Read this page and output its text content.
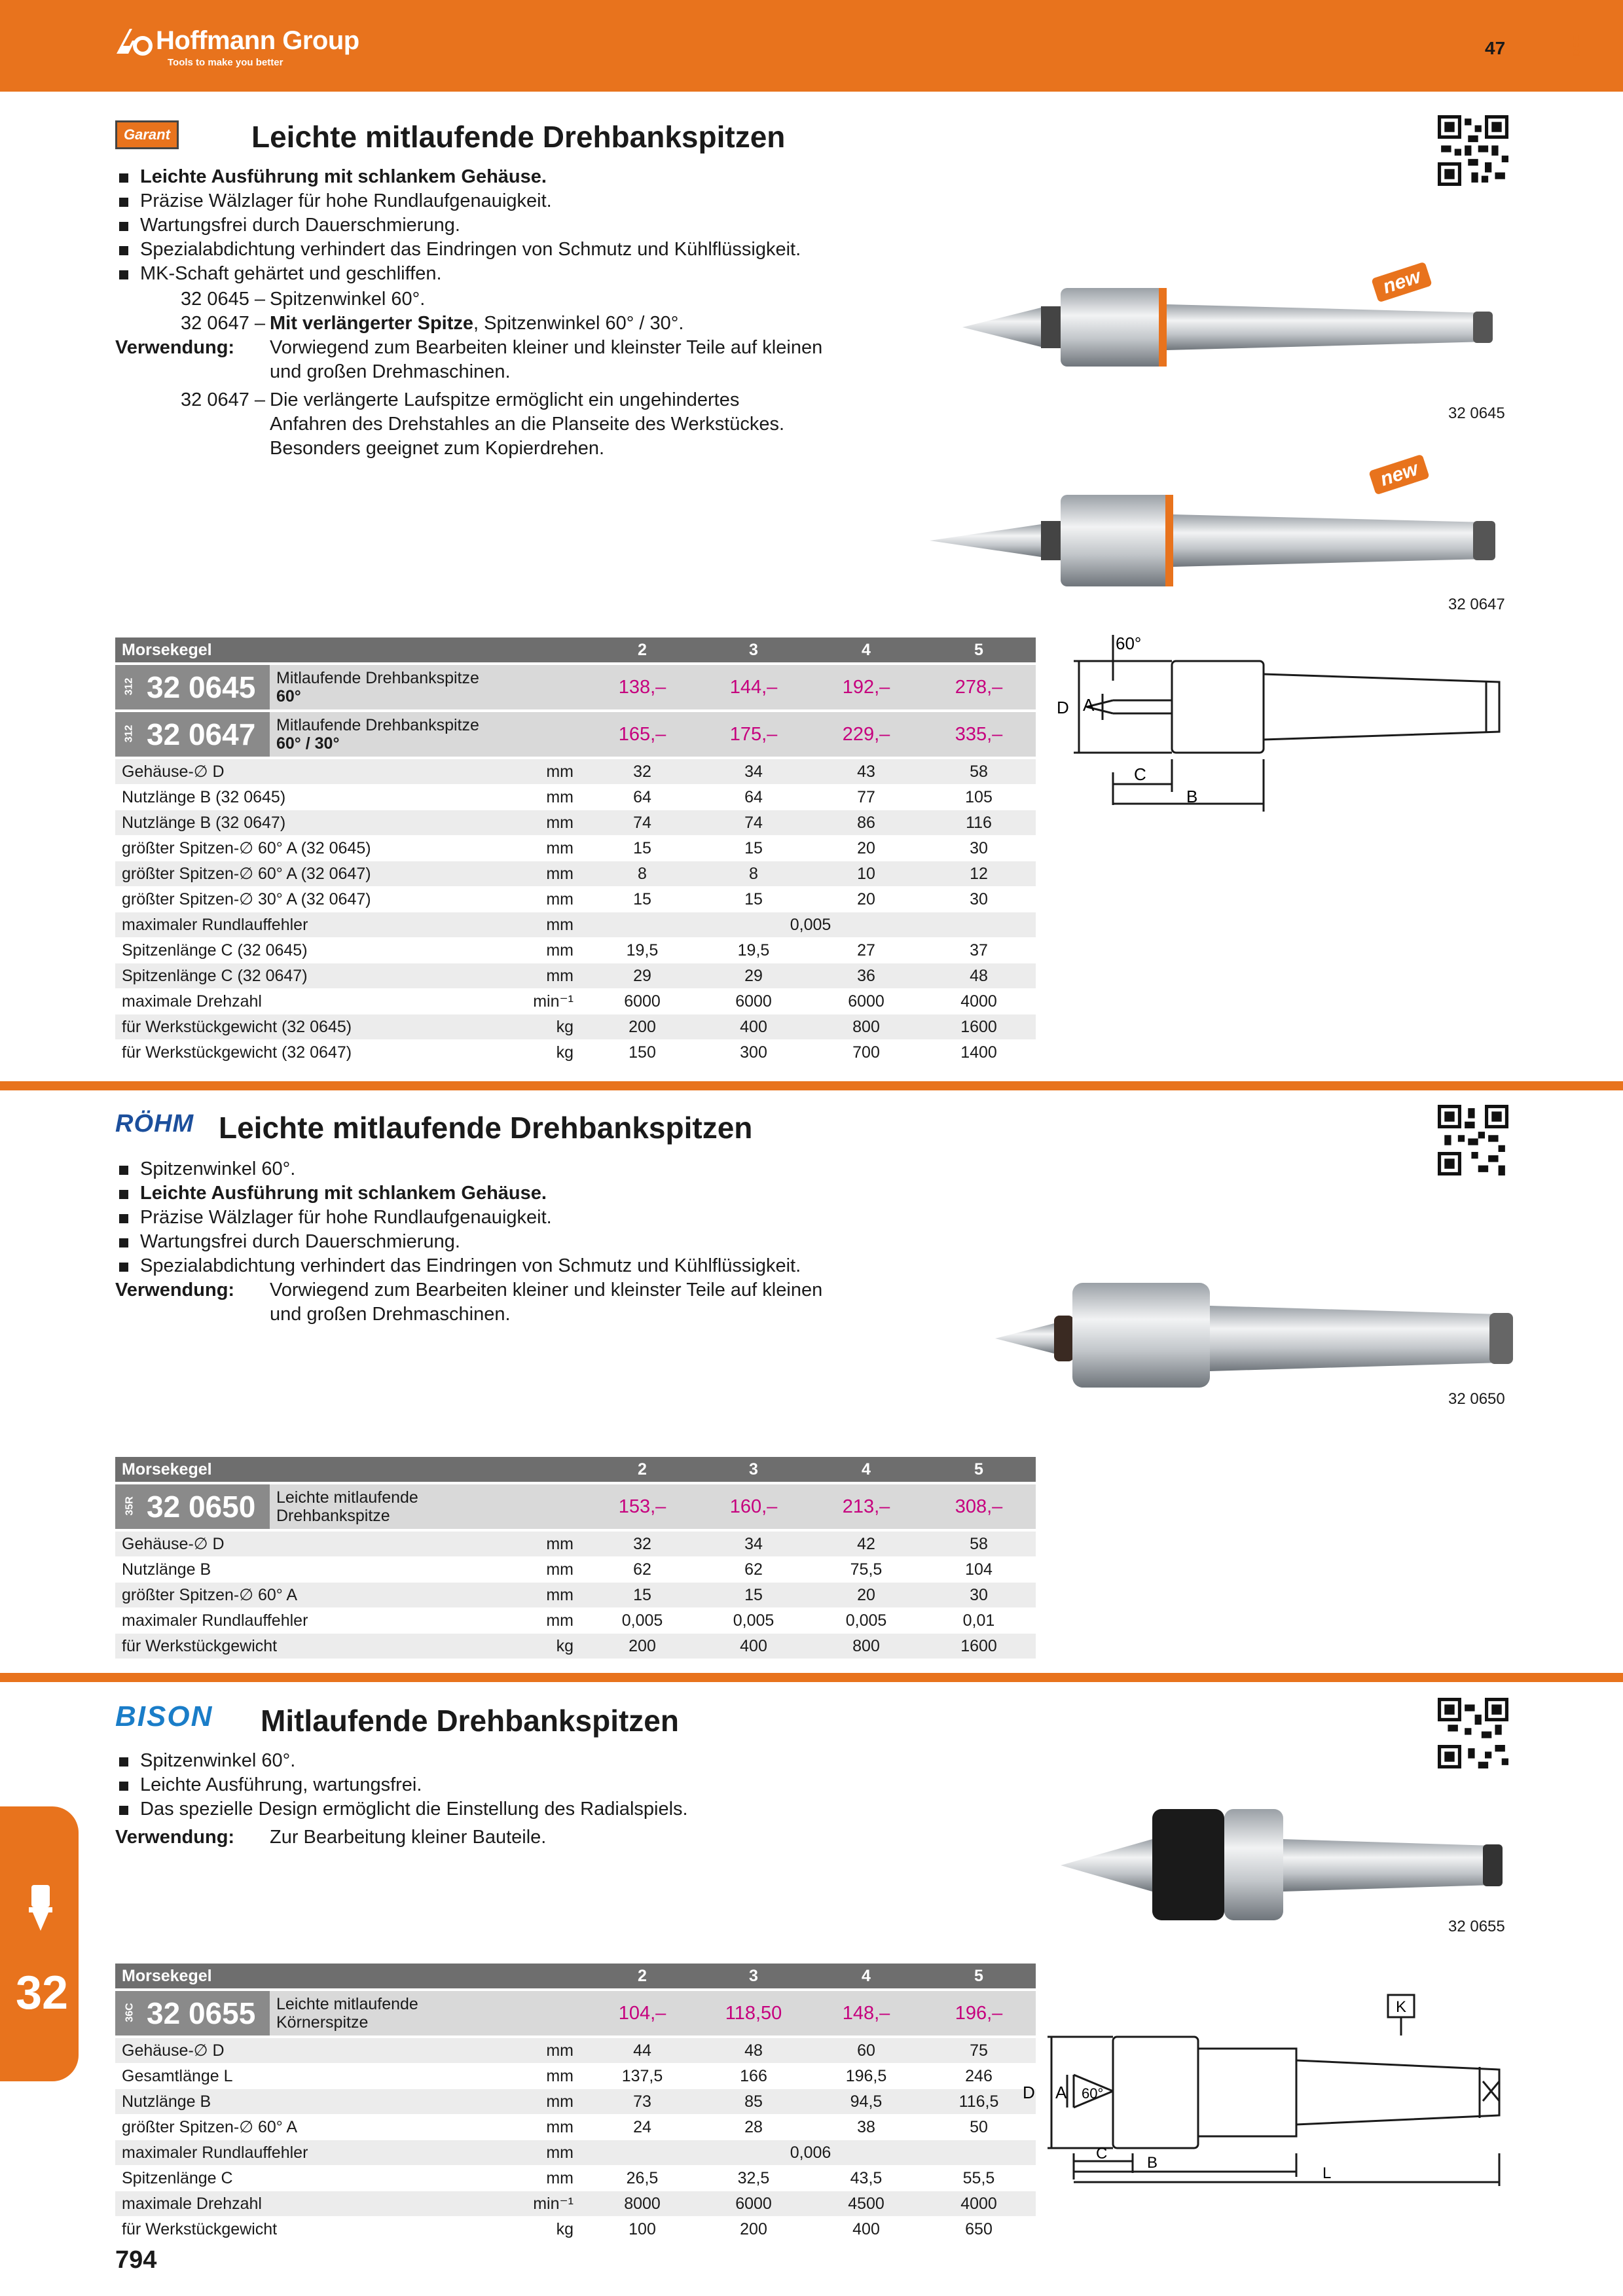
Hoffmann Group
Tools to make you better
47	DEE
Garant	Leichte mitlaufende Drehbankspitzen
Leichte Ausführung mit schlankem Gehäuse.
Präzise Wälzlager für hohe Rundlaufgenauigkeit.
Wartungsfrei durch Dauerschmierung.
Spezialabdichtung verhindert das Eindringen von Schmutz und Kühlflüssigkeit.
MK-Schaft gehärtet und geschliffen.
32 0645 – Spitzenwinkel 60°.
32 0647 – Mit verlängerter Spitze, Spitzenwinkel 60° / 30°.
Verwendung: Vorwiegend zum Bearbeiten kleiner und kleinster Teile auf kleinen
und großen Drehmaschinen.
32 0647 – Die verlängerte Laufspitze ermöglicht ein ungehindertes
Anfahren des Drehstahles an die Planseite des Werkstückes.
Besonders geeignet zum Kopierdrehen.
new
32 0645
new
32 0647
Morsekegel	2	3	4	5
312 32 0645 Mitlaufende Drehbankspitze
60°	138,–	144,–	192,–	278,–
312 32 0647 Mitlaufende Drehbankspitze
60° / 30°	165,–	175,–	229,–	335,–
Gehäuse-∅ D	mm	32	34	43	58
Nutzlänge B (32 0645)	mm	64	64	77	105
Nutzlänge B (32 0647)	mm	74	74	86	116
größter Spitzen-∅ 60° A (32 0645)	mm	15	15	20	30
größter Spitzen-∅ 60° A (32 0647)	mm	8	8	10	12
größter Spitzen-∅ 30° A (32 0647)	mm	15	15	20	30
maximaler Rundlauffehler	mm	0,005
Spitzenlänge C (32 0645)	mm	19,5	19,5	27	37
Spitzenlänge C (32 0647)	mm	29	29	36	48
maximale Drehzahl	min⁻¹	6000	6000	6000	4000
für Werkstückgewicht (32 0645)	kg	200	400	800	1600
für Werkstückgewicht (32 0647)	kg	150	300	700	1400
60°
D A
C
B
RÖHM Leichte mitlaufende Drehbankspitzen
Spitzenwinkel 60°.
Leichte Ausführung mit schlankem Gehäuse.
Präzise Wälzlager für hohe Rundlaufgenauigkeit.
Wartungsfrei durch Dauerschmierung.
Spezialabdichtung verhindert das Eindringen von Schmutz und Kühlflüssigkeit.
Verwendung: Vorwiegend zum Bearbeiten kleiner und kleinster Teile auf kleinen
und großen Drehmaschinen.
32 0650
Morsekegel	2	3	4	5
35R 32 0650 Leichte mitlaufende
Drehbankspitze	153,–	160,–	213,–	308,–
Gehäuse-∅ D	mm	32	34	42	58
Nutzlänge B	mm	62	62	75,5	104
größter Spitzen-∅ 60° A	mm	15	15	20	30
maximaler Rundlauffehler	mm	0,005	0,005	0,005	0,01
für Werkstückgewicht	kg	200	400	800	1600
BISON Mitlaufende Drehbankspitzen
Spitzenwinkel 60°.
Leichte Ausführung, wartungsfrei.
Das spezielle Design ermöglicht die Einstellung des Radialspiels.
Verwendung: Zur Bearbeitung kleiner Bauteile.
32 0655
Morsekegel	2	3	4	5
36C 32 0655 Leichte mitlaufende
Körnerspitze	104,–	118,50	148,–	196,–
Gehäuse-∅ D	mm	44	48	60	75
Gesamtlänge L	mm	137,5	166	196,5	246
Nutzlänge B	mm	73	85	94,5	116,5
größter Spitzen-∅ 60° A	mm	24	28	38	50
maximaler Rundlauffehler	mm	0,006
Spitzenlänge C	mm	26,5	32,5	43,5	55,5
maximale Drehzahl	min⁻¹	8000	6000	4500	4000
für Werkstückgewicht	kg	100	200	400	650
K
D A 60°
C
B
L
32
794
